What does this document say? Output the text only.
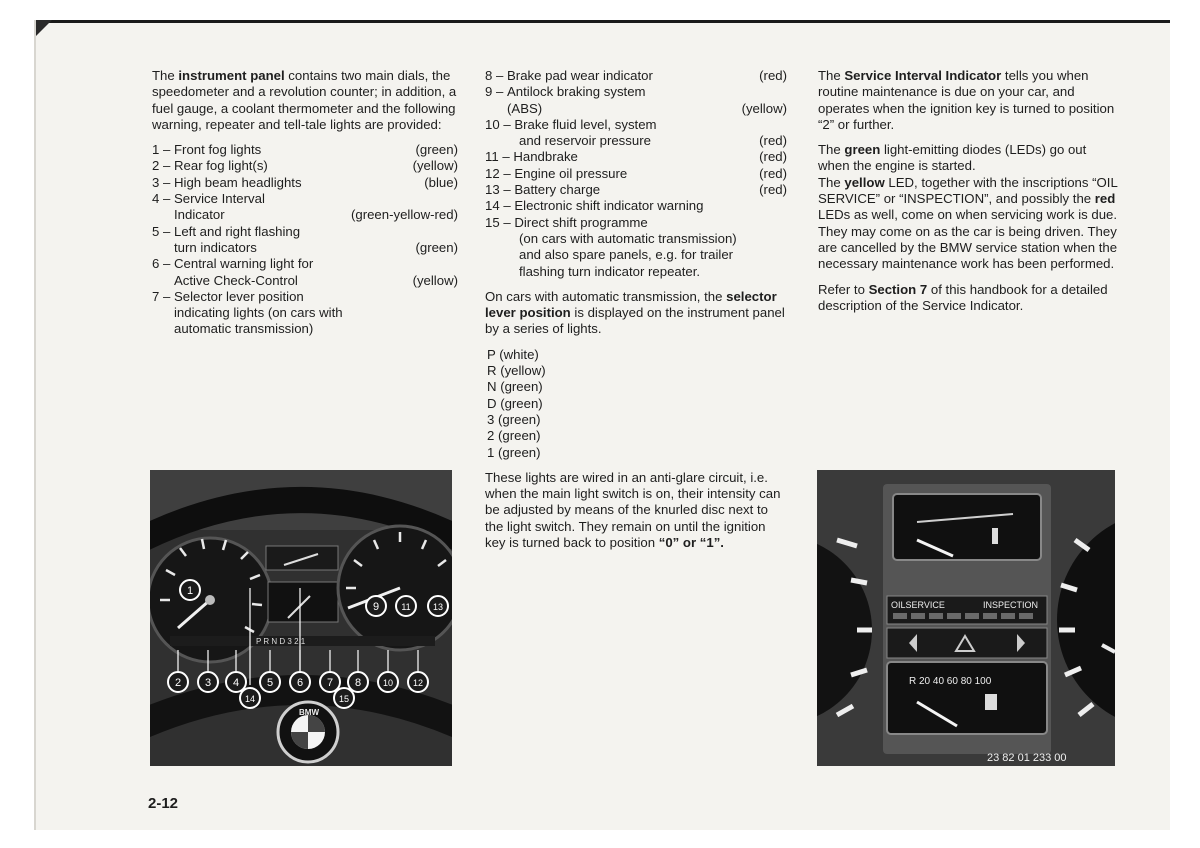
The instrument panel contains two main dials, the speedometer and a revolution counter; in addition, a fuel gauge, a coolant thermometer and the following warning, repeater and tell-tale lights are provided:

1 – Front fog lights	(green)
2 – Rear fog light(s)	(yellow)
3 – High beam headlights	(blue)
4 – Service Interval
Indicator	(green-yellow-red)
5 – Left and right flashing
turn indicators	(green)
6 – Central warning light for
Active Check-Control	(yellow)
7 – Selector lever position
indicating lights (on cars with
automatic transmission)
8 – Brake pad wear indicator	(red)
9 – Antilock braking system
(ABS)	(yellow)
10 – Brake fluid level, system
and reservoir pressure	(red)
11 – Handbrake	(red)
12 – Engine oil pressure	(red)
13 – Battery charge	(red)
14 – Electronic shift indicator warning
15 – Direct shift programme
(on cars with automatic transmission)
and also spare panels, e.g. for trailer
flashing turn indicator repeater.

On cars with automatic transmission, the selector lever position is displayed on the instrument panel by a series of lights.

P (white)
R (yellow)
N (green)
D (green)
3 (green)
2 (green)
1 (green)

These lights are wired in an anti-glare circuit, i.e. when the main light switch is on, their intensity can be adjusted by means of the knurled disc next to the light switch. They remain on until the ignition key is turned back to position “0” or “1”.

The Service Interval Indicator tells you when routine maintenance is due on your car, and operates when the ignition key is turned to position “2” or further.

The green light-emitting diodes (LEDs) go out when the engine is started.

The yellow LED, together with the inscriptions “OIL SERVICE” or “INSPECTION”, and possibly the red LEDs as well, come on when servicing work is due. They may come on as the car is being driven. They are cancelled by the BMW service station when the necessary maintenance work has been performed.

Refer to Section 7 of this handbook for a detailed description of the Service Indicator.

P R N D 3 2 1
1
2 3 4	5 6 7 8
9
10
11
12
13
14	15
BMW
OILSERVICE	INSPECTION
R 20 40 60 80 100
23 82 01 233 00
2-12
